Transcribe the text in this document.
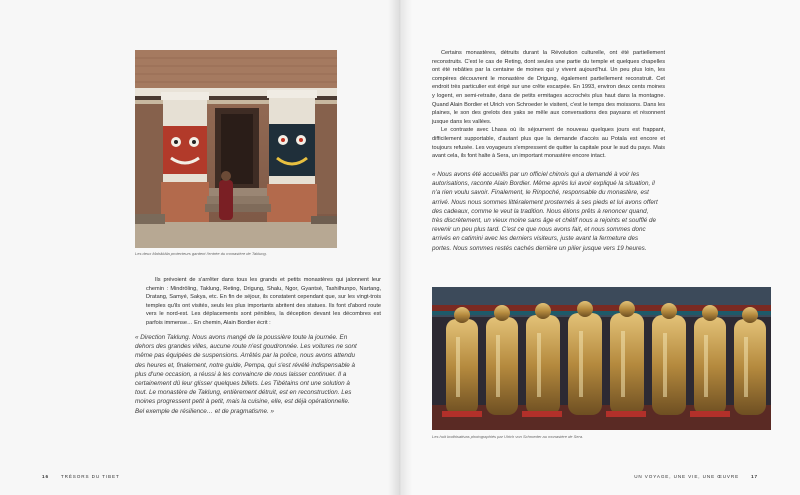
Les deux Mahākāla protecteurs gardent l'entrée du monastère de Taklung.

Ils prévoient de s'arrêter dans tous les grands et petits monastères qui jalonnent leur chemin : Mindröling, Taklung, Reting, Drigung, Shalu, Ngor, Gyantsé, Tashilhunpo, Nartang, Dratang, Samyé, Sakya, etc. En fin de séjour, ils constatent cependant que, sur les vingt-trois temples qu'ils ont visités, seuls les plus importants abritent des statues. Ils font d'abord route vers le nord-est. Les déplacements sont pénibles, la déception devant les décombres est parfois immense… En chemin, Alain Bordier écrit :

« Direction Taklung. Nous avons mangé de la poussière toute la journée. En dehors des grandes villes, aucune route n'est goudronnée. Les voitures ne sont même pas équipées de suspensions. Arrêtés par la police, nous avons attendu des heures et, finalement, notre guide, Pempa, qui s'est révélé indispensable à plus d'une occasion, a réussi à les convaincre de nous laisser continuer. Il a certainement dû leur glisser quelques billets. Les Tibétains ont une solution à tout. Le monastère de Taklung, entièrement détruit, est en reconstruction. Les moines progressent petit à petit, mais la cuisine, elle, est déjà opérationnelle. Bel exemple de résilience… et de pragmatisme. »

16	TRÉSORS DU TIBET

Certains monastères, détruits durant la Révolution culturelle, ont été partiellement reconstruits. C'est le cas de Reting, dont seules une partie du temple et quelques chapelles ont été rebâties par la centaine de moines qui y vivent aujourd'hui. Un peu plus loin, les compères découvrent le monastère de Drigung, également partiellement reconstruit. Cet endroit très particulier est érigé sur une crête escarpée. En 1993, environ deux cents moines y logent, en semi-retraite, dans de petits ermitages accrochés plus haut dans la montagne. Quand Alain Bordier et Ulrich von Schroeder le visitent, c'est le temps des moissons. Dans les plaines, le son des grelots des yaks se mêle aux conversations des paysans et résonnent jusque dans les vallées.

Le contraste avec Lhasa où ils séjournent de nouveau quelques jours est frappant, difficilement supportable, d'autant plus que la demande d'accès au Potala est encore et toujours refusée. Les voyageurs s'empressent de quitter la capitale pour le sud du pays. Mais avant cela, ils font halte à Sera, un important monastère encore intact.

« Nous avons été accueillis par un officiel chinois qui a demandé à voir les autorisations, raconte Alain Bordier. Même après lui avoir expliqué la situation, il n'a rien voulu savoir. Finalement, le Rinpoché, responsable du monastère, est arrivé. Nous nous sommes littéralement prosternés à ses pieds et lui avons offert des cadeaux, comme le veut la tradition. Nous étions prêts à renoncer quand, très discrètement, un vieux moine sans âge et chétif nous a rejoints et soufflé de revenir un peu plus tard. C'est ce que nous avons fait, et nous sommes donc arrivés en catimini avec les derniers visiteurs, juste avant la fermeture des portes. Nous sommes restés cachés derrière un pilier jusque vers 19 heures.

Les huit bodhisattvas photographiés par Ulrich von Schroeder au monastère de Sera.
UN VOYAGE, UNE VIE, UNE ŒUVRE	17
